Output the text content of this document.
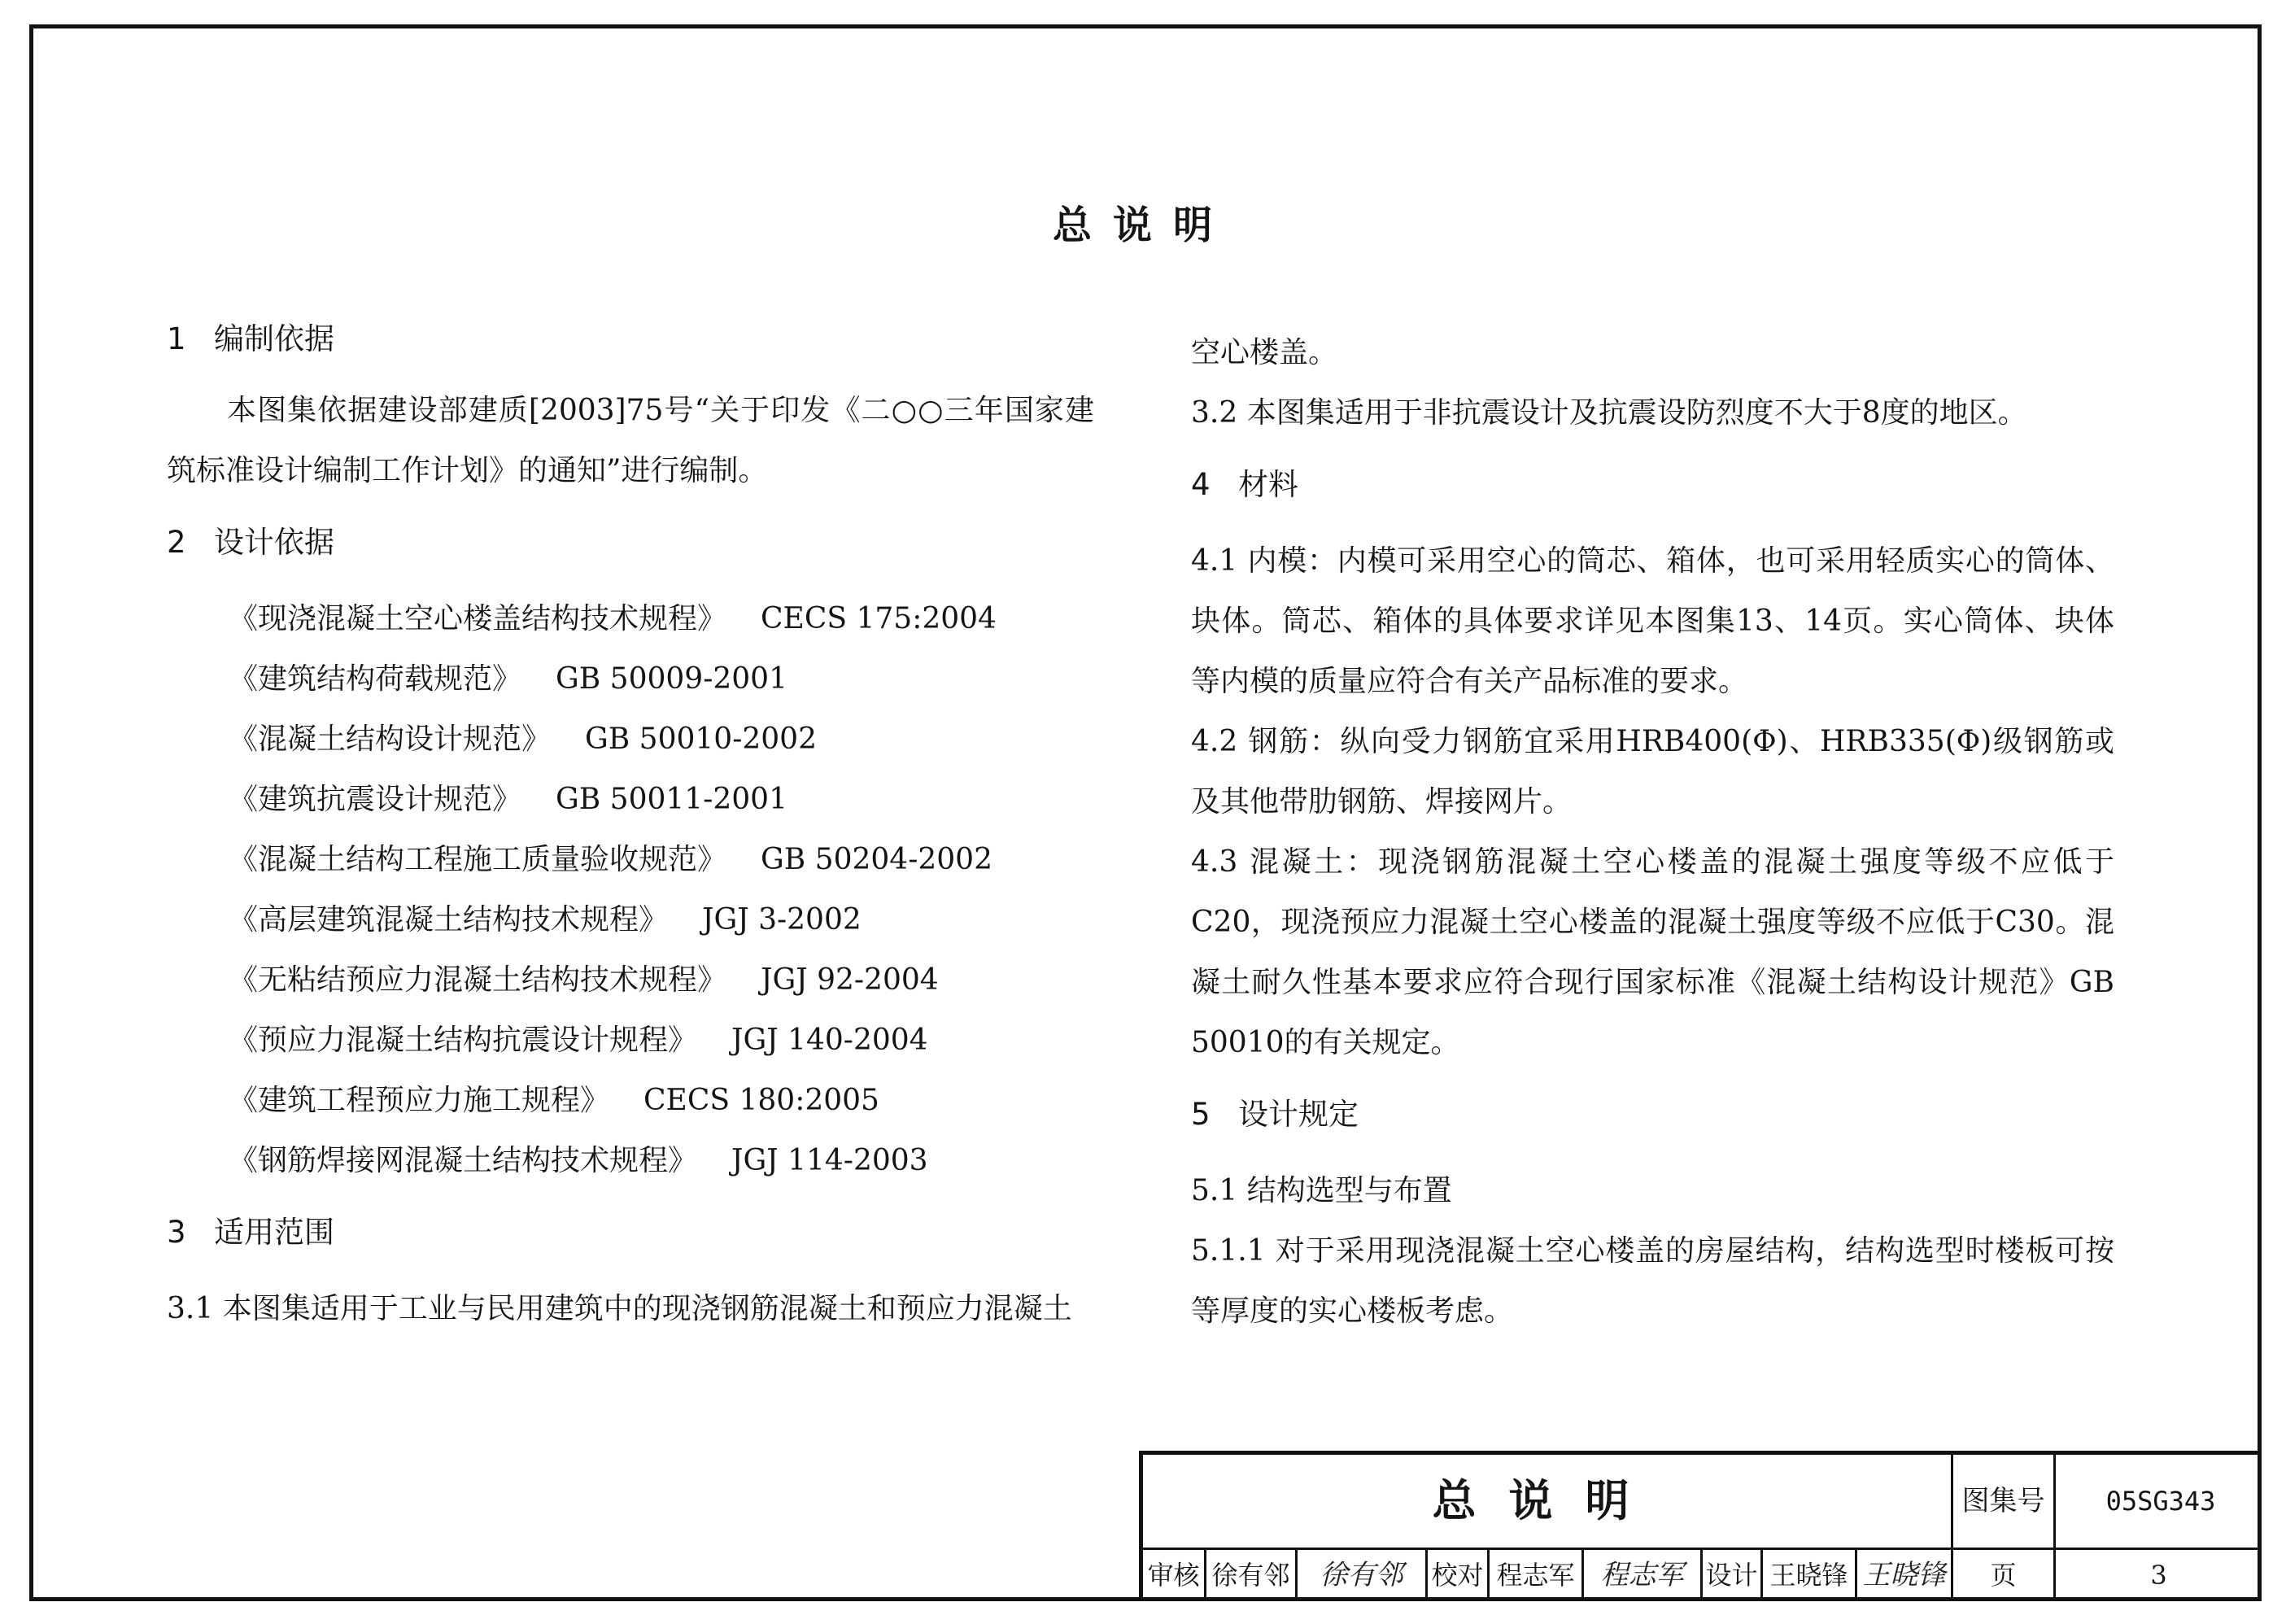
总说明
1 编制依据

本图集依据建设部建质[2003]75号“关于印发《二○○三年国家建筑标准设计编制工作计划》的通知”进行编制。

2 设计依据

《现浇混凝土空心楼盖结构技术规程》 CECS 175:2004

《建筑结构荷载规范》 GB 50009-2001

《混凝土结构设计规范》 GB 50010-2002

《建筑抗震设计规范》 GB 50011-2001

《混凝土结构工程施工质量验收规范》 GB 50204-2002

《高层建筑混凝土结构技术规程》 JGJ 3-2002

《无粘结预应力混凝土结构技术规程》 JGJ 92-2004

《预应力混凝土结构抗震设计规程》 JGJ 140-2004

《建筑工程预应力施工规程》 CECS 180:2005

《钢筋焊接网混凝土结构技术规程》 JGJ 114-2003

3 适用范围

3.1 本图集适用于工业与民用建筑中的现浇钢筋混凝土和预应力混凝土

空心楼盖。

3.2 本图集适用于非抗震设计及抗震设防烈度不大于8度的地区。

4 材料

4.1 内模：内模可采用空心的筒芯、箱体，也可采用轻质实心的筒体、块体。筒芯、箱体的具体要求详见本图集13、14页。实心筒体、块体等内模的质量应符合有关产品标准的要求。

4.2 钢筋：纵向受力钢筋宜采用HRB400(Φ)、HRB335(Φ)级钢筋或及其他带肋钢筋、焊接网片。

4.3 混凝土：现浇钢筋混凝土空心楼盖的混凝土强度等级不应低于C20，现浇预应力混凝土空心楼盖的混凝土强度等级不应低于C30。混凝土耐久性基本要求应符合现行国家标准《混凝土结构设计规范》GB 50010的有关规定。

5 设计规定

5.1 结构选型与布置

5.1.1 对于采用现浇混凝土空心楼盖的房屋结构，结构选型时楼板可按等厚度的实心楼板考虑。

总说明	图集号	05SG343
审核 徐有邻	徐有邻	校对 程志军 程志军 设计 王晓锋 王晓锋	页	3
